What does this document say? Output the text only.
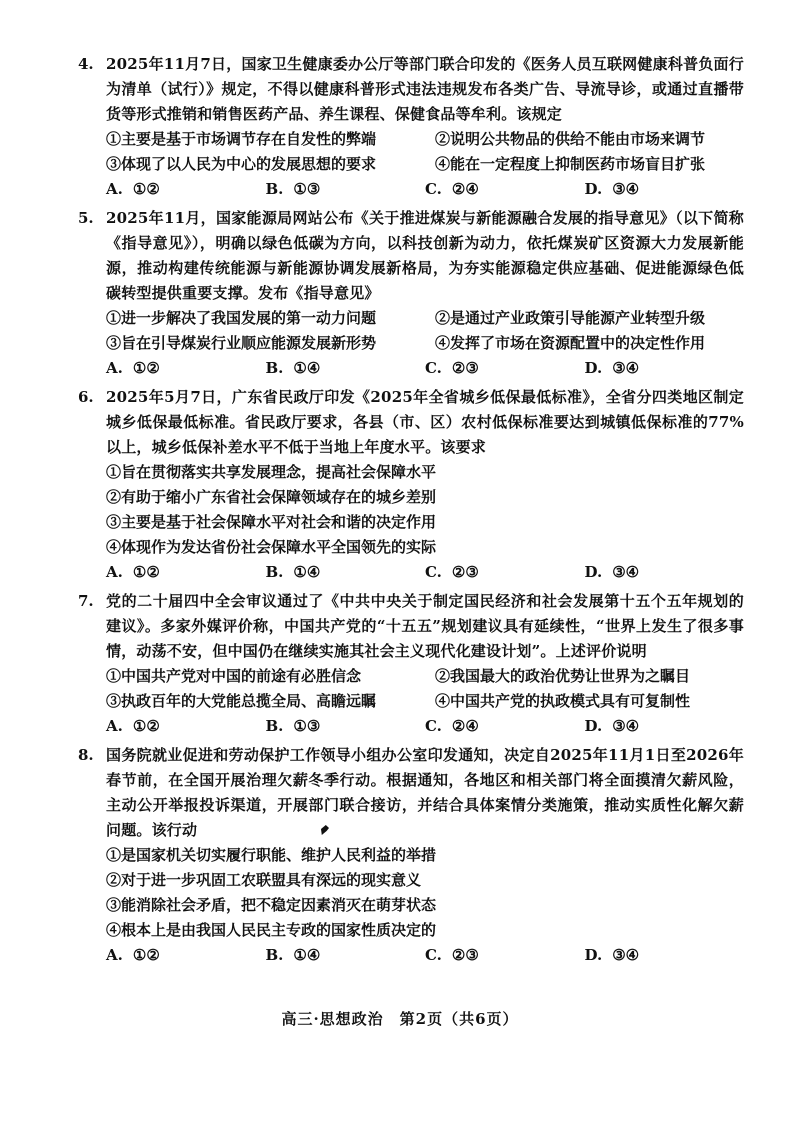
4. 2025年11月7日，国家卫生健康委办公厅等部门联合印发的《医务人员互联网健康科普负面行为清单（试行）》规定，不得以健康科普形式违法违规发布各类广告、导流导诊，或通过直播带货等形式推销和销售医药产品、养生课程、保健食品等牟利。该规定
①主要是基于市场调节存在自发性的弊端	②说明公共物品的供给不能由市场来调节
③体现了以人民为中心的发展思想的要求	④能在一定程度上抑制医药市场盲目扩张
A. ①②	B. ①③	C. ②④	D. ③④
5. 2025年11月，国家能源局网站公布《关于推进煤炭与新能源融合发展的指导意见》（以下简称《指导意见》），明确以绿色低碳为方向，以科技创新为动力，依托煤炭矿区资源大力发展新能源，推动构建传统能源与新能源协调发展新格局，为夯实能源稳定供应基础、促进能源绿色低碳转型提供重要支撑。发布《指导意见》
①进一步解决了我国发展的第一动力问题	②是通过产业政策引导能源产业转型升级
③旨在引导煤炭行业顺应能源发展新形势	④发挥了市场在资源配置中的决定性作用
A. ①②	B. ①④	C. ②③	D. ③④
6. 2025年5月7日，广东省民政厅印发《2025年全省城乡低保最低标准》，全省分四类地区制定城乡低保最低标准。省民政厅要求，各县（市、区）农村低保标准要达到城镇低保标准的77%以上，城乡低保补差水平不低于当地上年度水平。该要求
①旨在贯彻落实共享发展理念，提高社会保障水平
②有助于缩小广东省社会保障领域存在的城乡差别
③主要是基于社会保障水平对社会和谐的决定作用
④体现作为发达省份社会保障水平全国领先的实际
A. ①②	B. ①④	C. ②③	D. ③④
7. 党的二十届四中全会审议通过了《中共中央关于制定国民经济和社会发展第十五个五年规划的建议》。多家外媒评价称，中国共产党的“十五五”规划建议具有延续性，“世界上发生了很多事情，动荡不安，但中国仍在继续实施其社会主义现代化建设计划”。上述评价说明
①中国共产党对中国的前途有必胜信念	②我国最大的政治优势让世界为之瞩目
③执政百年的大党能总揽全局、高瞻远瞩	④中国共产党的执政模式具有可复制性
A. ①②	B. ①③	C. ②④	D. ③④
8. 国务院就业促进和劳动保护工作领导小组办公室印发通知，决定自2025年11月1日至2026年春节前，在全国开展治理欠薪冬季行动。根据通知，各地区和相关部门将全面摸清欠薪风险，主动公开举报投诉渠道，开展部门联合接访，并结合具体案情分类施策，推动实质性化解欠薪问题。该行动
①是国家机关切实履行职能、维护人民利益的举措
②对于进一步巩固工农联盟具有深远的现实意义
③能消除社会矛盾，把不稳定因素消灭在萌芽状态
④根本上是由我国人民民主专政的国家性质决定的
A. ①②	B. ①④	C. ②③	D. ③④
高三·思想政治　第2页（共6页）
